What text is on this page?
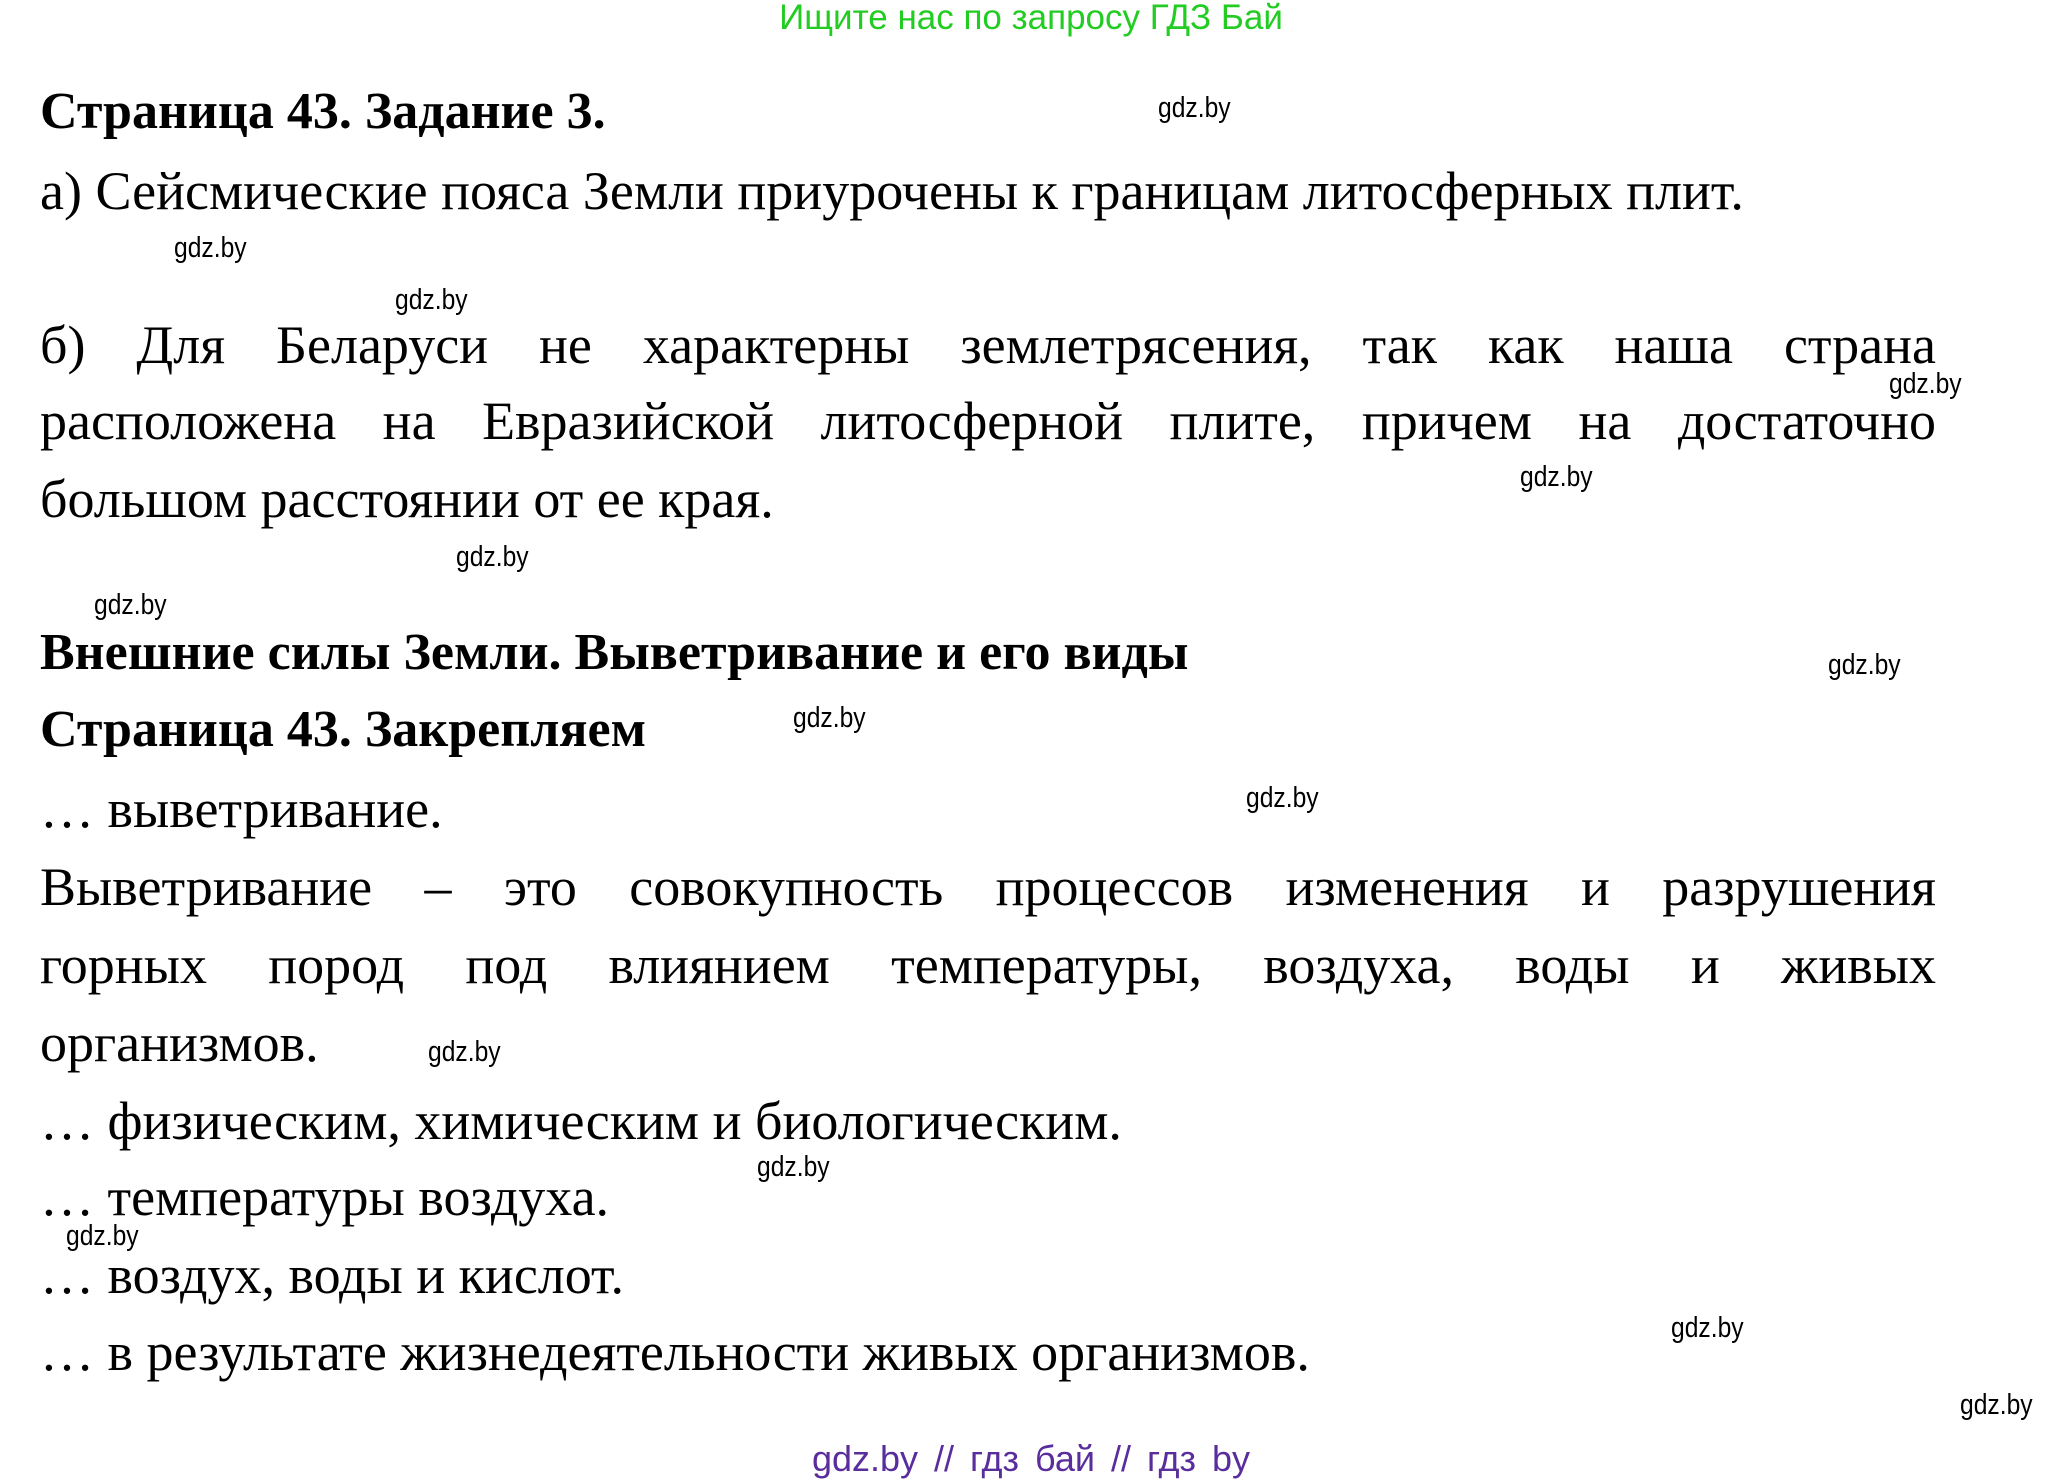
Ищите нас по запросу ГДЗ Бай
Страница 43. Задание 3.
а) Сейсмические пояса Земли приурочены к границам литосферных плит.
б) Для Беларуси не характерны землетрясения, так как наша страна
расположена на Евразийской литосферной плите, причем на достаточно
большом расстоянии от ее края.
Внешние силы Земли. Выветривание и его виды
Страница 43. Закрепляем
… выветривание.
Выветривание – это совокупность процессов изменения и разрушения
горных пород под влиянием температуры, воздуха, воды и живых
организмов.
… физическим, химическим и биологическим.
… температуры воздуха.
… воздух, воды и кислот.
… в результате жизнедеятельности живых организмов.
gdz.by
gdz.by
gdz.by
gdz.by
gdz.by
gdz.by
gdz.by
gdz.by
gdz.by
gdz.by
gdz.by
gdz.by
gdz.by
gdz.by
gdz.by
gdz.by // гдз бай // гдз by
